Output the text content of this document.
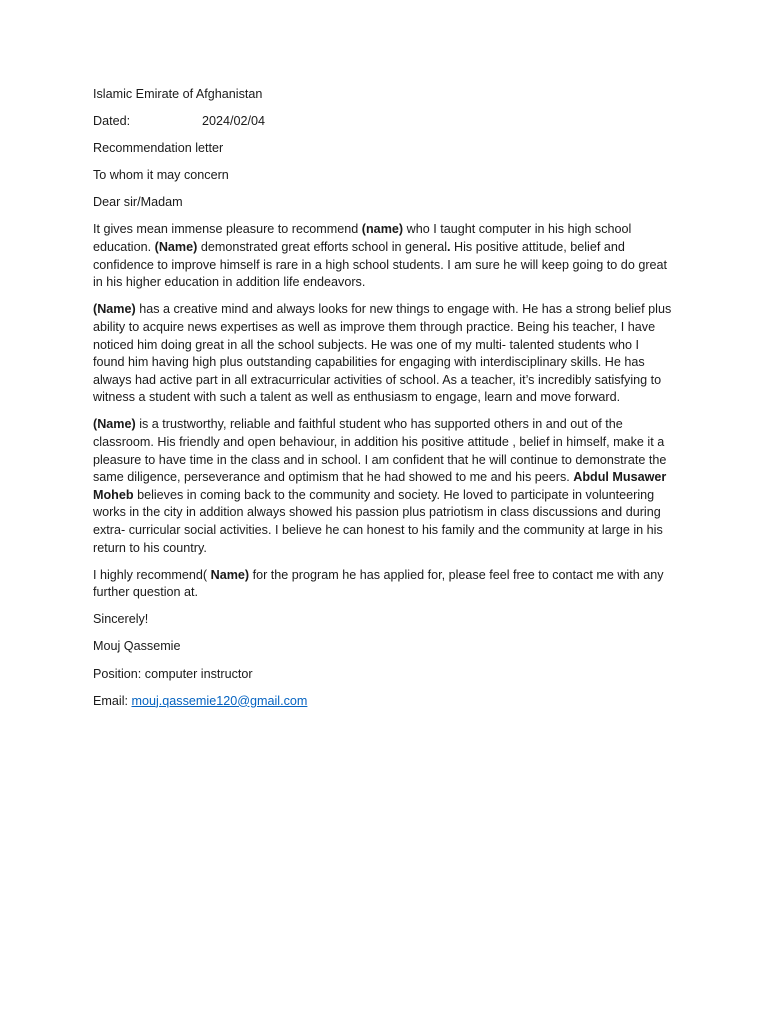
Islamic Emirate of Afghanistan
Dated:	2024/02/04
Recommendation letter
To whom it may concern
Dear sir/Madam

It gives mean immense pleasure to recommend (name) who I taught computer in his high school education. (Name) demonstrated great efforts school in general. His positive attitude, belief and confidence to improve himself is rare in a high school students. I am sure he will keep going to do great in his higher education in addition life endeavors.

(Name) has a creative mind and always looks for new things to engage with. He has a strong belief plus ability to acquire news expertises as well as improve them through practice. Being his teacher, I have noticed him doing great in all the school subjects. He was one of my multi- talented students who I found him having high plus outstanding capabilities for engaging with interdisciplinary skills. He has always had active part in all extracurricular activities of school. As a teacher, it’s incredibly satisfying to witness a student with such a talent as well as enthusiasm to engage, learn and move forward.

(Name) is a trustworthy, reliable and faithful student who has supported others in and out of the classroom. His friendly and open behaviour, in addition his positive attitude , belief in himself, make it a pleasure to have time in the class and in school. I am confident that he will continue to demonstrate the same diligence, perseverance and optimism that he had showed to me and his peers. Abdul Musawer Moheb believes in coming back to the community and society. He loved to participate in volunteering works in the city in addition always showed his passion plus patriotism in class discussions and during extra- curricular social activities. I believe he can honest to his family and the community at large in his return to his country.

I highly recommend( Name) for the program he has applied for, please feel free to contact me with any further question at.

Sincerely!
Mouj Qassemie
Position: computer instructor
Email: mouj.qassemie120@gmail.com
